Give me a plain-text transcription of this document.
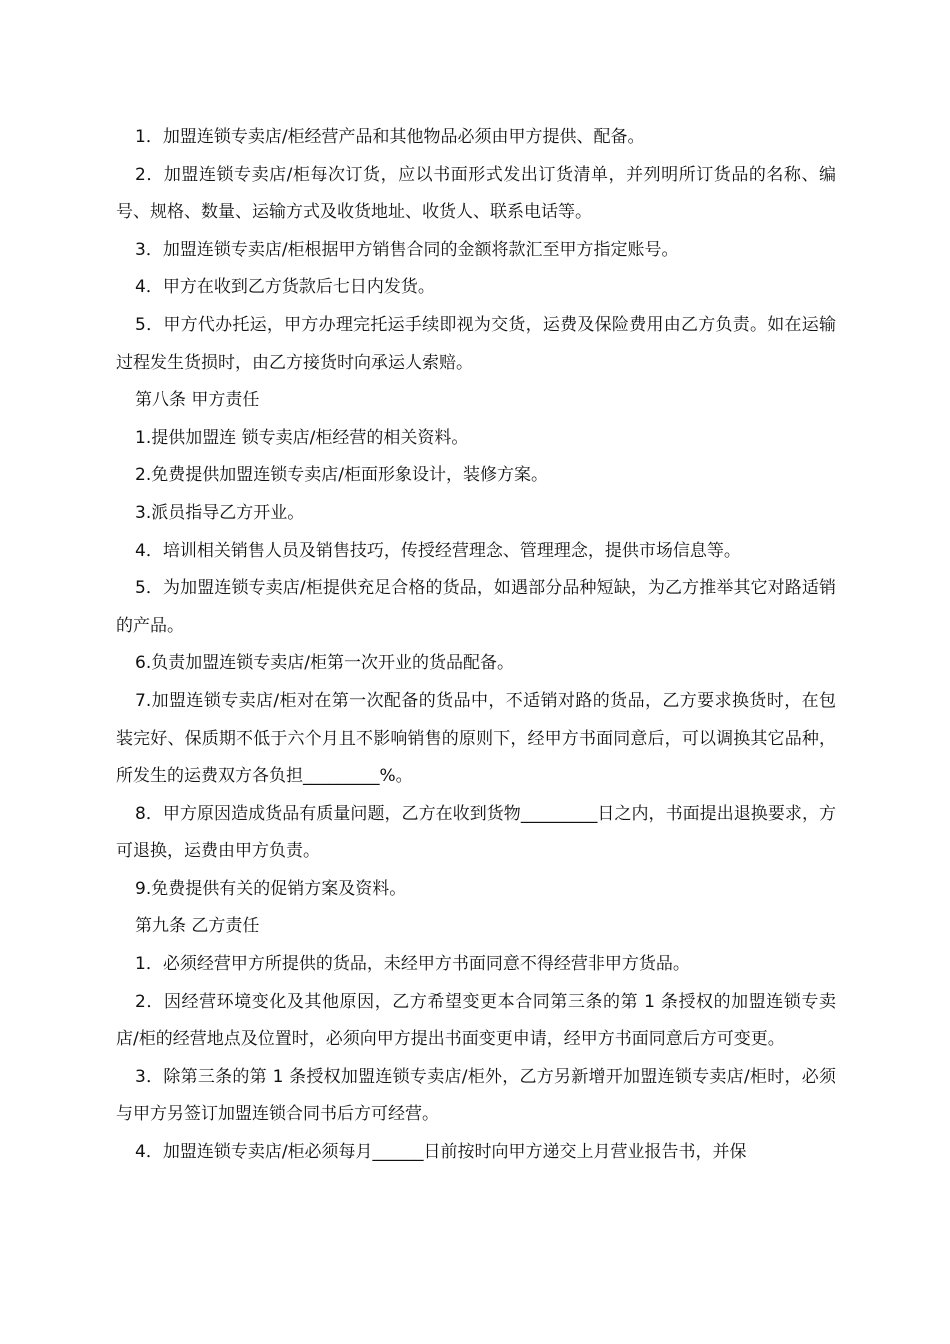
1．加盟连锁专卖店/柜经营产品和其他物品必须由甲方提供、配备。

2．加盟连锁专卖店/柜每次订货，应以书面形式发出订货清单，并列明所订货品的名称、编号、规格、数量、运输方式及收货地址、收货人、联系电话等。

3．加盟连锁专卖店/柜根据甲方销售合同的金额将款汇至甲方指定账号。

4．甲方在收到乙方货款后七日内发货。

5．甲方代办托运，甲方办理完托运手续即视为交货，运费及保险费用由乙方负责。如在运输过程发生货损时，由乙方接货时向承运人索赔。

第八条 甲方责任

1.提供加盟连 锁专卖店/柜经营的相关资料。

2.免费提供加盟连锁专卖店/柜面形象设计，装修方案。

3.派员指导乙方开业。

4．培训相关销售人员及销售技巧，传授经营理念、管理理念，提供市场信息等。

5．为加盟连锁专卖店/柜提供充足合格的货品，如遇部分品种短缺，为乙方推举其它对路适销的产品。

6.负责加盟连锁专卖店/柜第一次开业的货品配备。

7.加盟连锁专卖店/柜对在第一次配备的货品中，不适销对路的货品，乙方要求换货时，在包装完好、保质期不低于六个月且不影响销售的原则下，经甲方书面同意后，可以调换其它品种，所发生的运费双方各负担_________%。

8．甲方原因造成货品有质量问题，乙方在收到货物_________日之内，书面提出退换要求，方可退换，运费由甲方负责。

9.免费提供有关的促销方案及资料。

第九条 乙方责任

1．必须经营甲方所提供的货品，未经甲方书面同意不得经营非甲方货品。

2．因经营环境变化及其他原因，乙方希望变更本合同第三条的第 1 条授权的加盟连锁专卖店/柜的经营地点及位置时，必须向甲方提出书面变更申请，经甲方书面同意后方可变更。

3．除第三条的第 1 条授权加盟连锁专卖店/柜外，乙方另新增开加盟连锁专卖店/柜时，必须与甲方另签订加盟连锁合同书后方可经营。

4．加盟连锁专卖店/柜必须每月______日前按时向甲方递交上月营业报告书，并保
